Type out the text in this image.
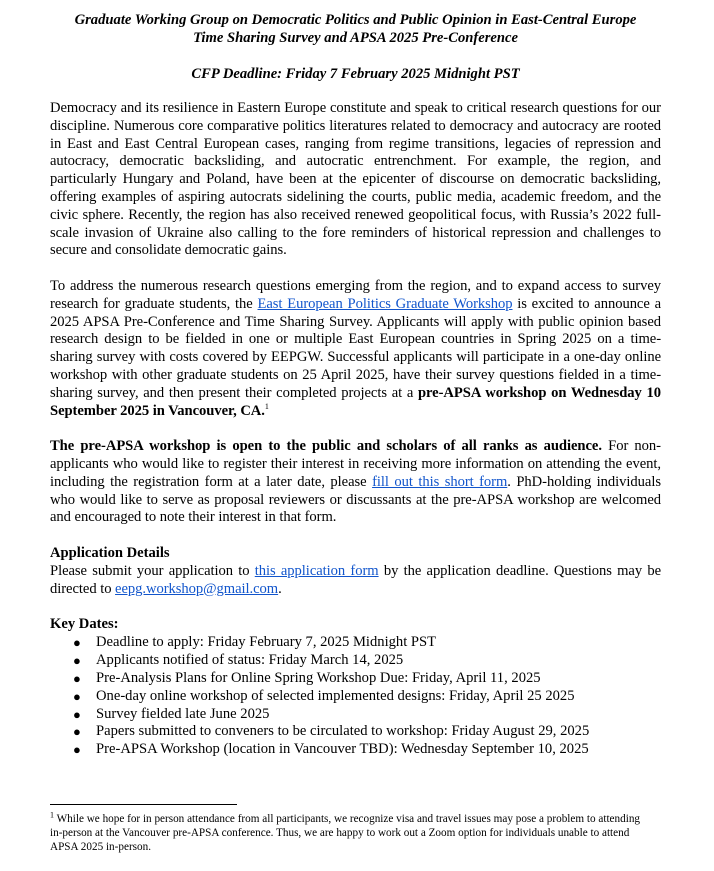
Graduate Working Group on Democratic Politics and Public Opinion in East-Central Europe
Time Sharing Survey and APSA 2025 Pre-Conference

CFP Deadline: Friday 7 February 2025 Midnight PST

Democracy and its resilience in Eastern Europe constitute and speak to critical research questions for our discipline. Numerous core comparative politics literatures related to democracy and autocracy are rooted in East and East Central European cases, ranging from regime transitions, legacies of repression and autocracy, democratic backsliding, and autocratic entrenchment. For example, the region, and particularly Hungary and Poland, have been at the epicenter of discourse on democratic backsliding, offering examples of aspiring autocrats sidelining the courts, public media, academic freedom, and the civic sphere. Recently, the region has also received renewed geopolitical focus, with Russia’s 2022 full-scale invasion of Ukraine also calling to the fore reminders of historical repression and challenges to secure and consolidate democratic gains.

To address the numerous research questions emerging from the region, and to expand access to survey research for graduate students, the East European Politics Graduate Workshop is excited to announce a 2025 APSA Pre-Conference and Time Sharing Survey. Applicants will apply with public opinion based research design to be fielded in one or multiple East European countries in Spring 2025 on a time-sharing survey with costs covered by EEPGW. Successful applicants will participate in a one-day online workshop with other graduate students on 25 April 2025, have their survey questions fielded in a time-sharing survey, and then present their completed projects at a pre-APSA workshop on Wednesday 10 September 2025 in Vancouver, CA.$^1$

The pre-APSA workshop is open to the public and scholars of all ranks as audience. For non-applicants who would like to register their interest in receiving more information on attending the event, including the registration form at a later date, please fill out this short form. PhD-holding individuals who would like to serve as proposal reviewers or discussants at the pre-APSA workshop are welcomed and encouraged to note their interest in that form.

Application Details

Please submit your application to this application form by the application deadline. Questions may be directed to eepg.workshop@gmail.com.

Key Dates:
● Deadline to apply: Friday February 7, 2025 Midnight PST
● Applicants notified of status: Friday March 14, 2025
● Pre-Analysis Plans for Online Spring Workshop Due: Friday, April 11, 2025
● One-day online workshop of selected implemented designs: Friday, April 25 2025
● Survey fielded late June 2025
● Papers submitted to conveners to be circulated to workshop: Friday August 29, 2025
● Pre-APSA Workshop (location in Vancouver TBD): Wednesday September 10, 2025

$^1$ While we hope for in person attendance from all participants, we recognize visa and travel issues may pose a problem to attending in-person at the Vancouver pre-APSA conference. Thus, we are happy to work out a Zoom option for individuals unable to attend APSA 2025 in-person.
